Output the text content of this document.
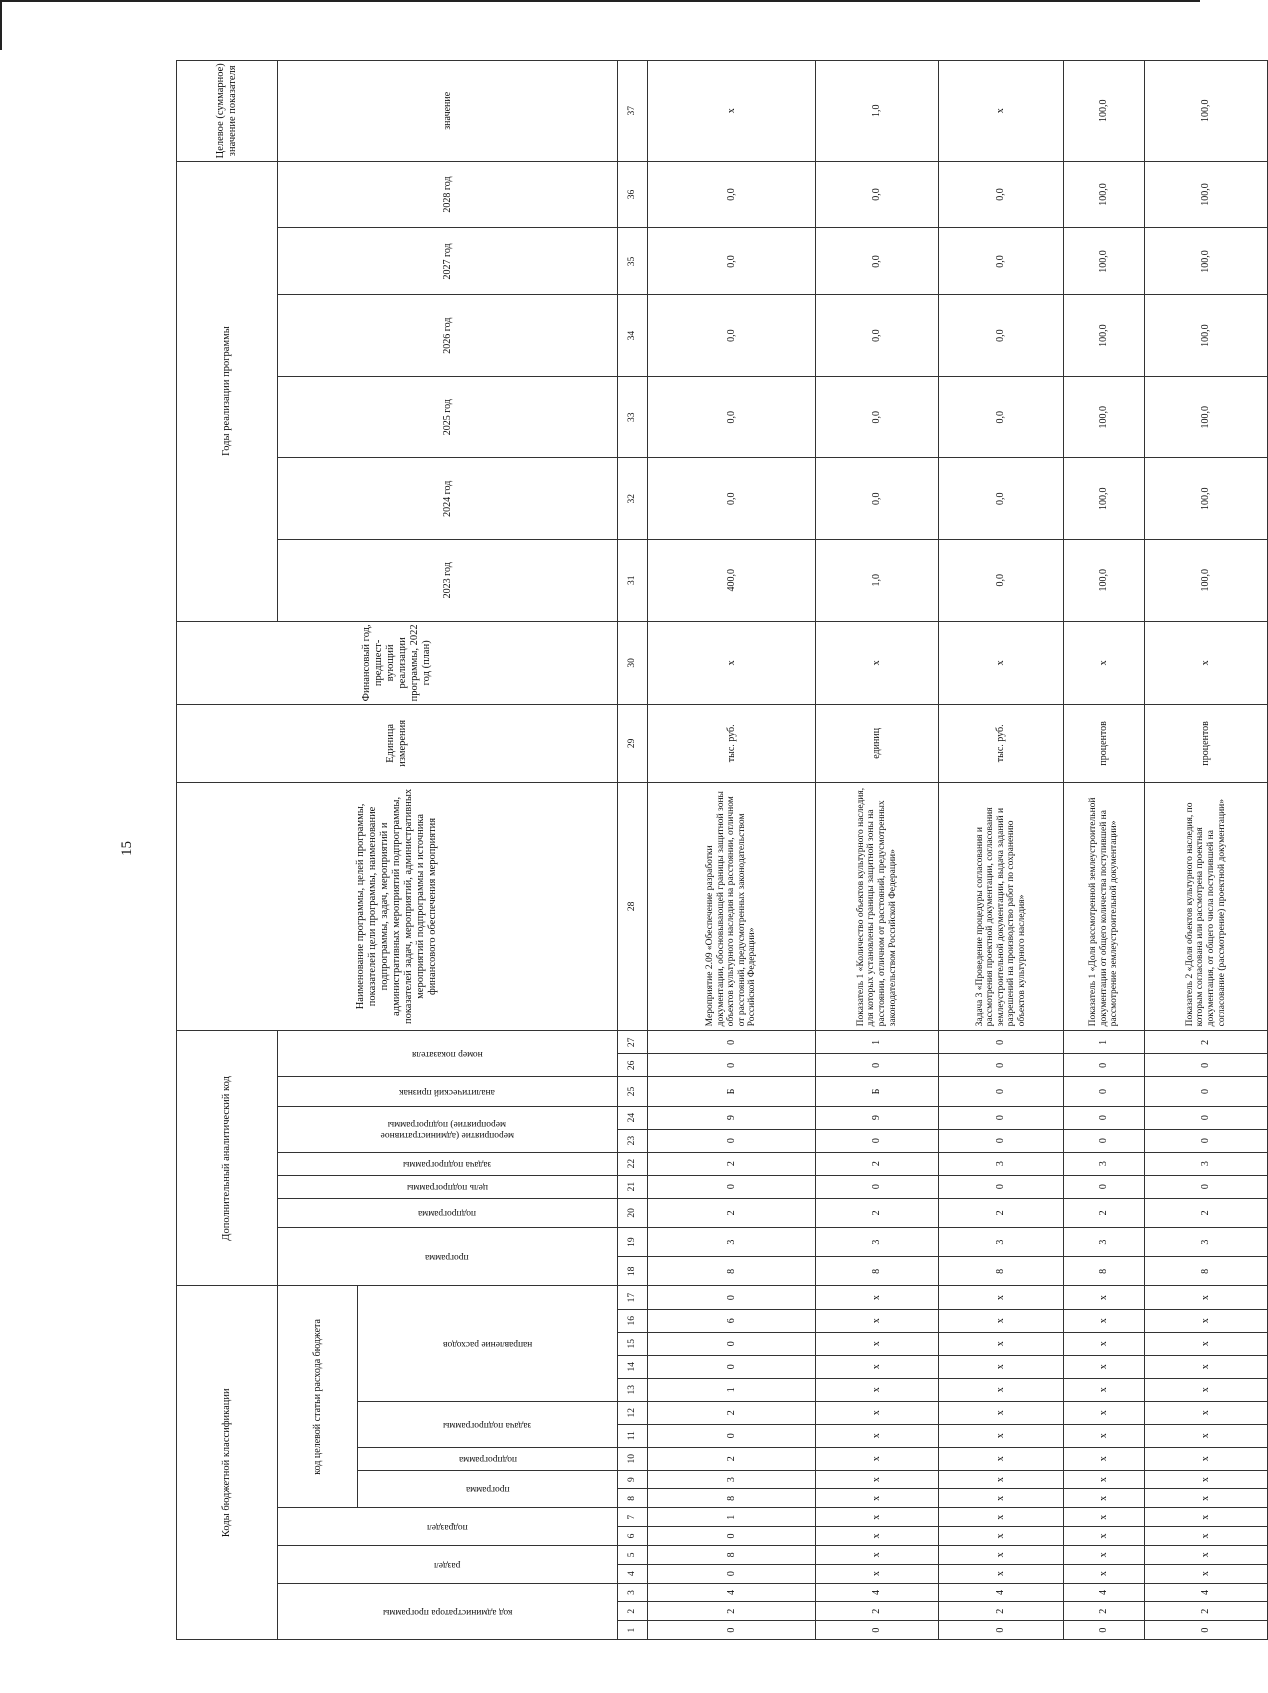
15
Коды бюджетной классификации																	Дополнительный аналитический код										Наименование программы, целей программы, показателей цели программы, наименование подпрограммы, задач, мероприятий и административных мероприятий подпрограммы, показателей задач, мероприятий, административных мероприятий подпрограммы и источника финансового обеспечения мероприятия	Единица измерения	Финансовый год, предшест-вующий реализации программы, 2022 год (план)	Годы реализации программы						Целевое (суммарное) значение показателя

код администратора программы			раздел		подраздел		код целевой статьи расхода бюджета										программа		подпрограмма	цель подпрограммы	задача подпрограммы	мероприятие (административное мероприятие) подпрограммы		аналитический признак	номер показателя					2023 год	2024 год	2025 год	2026 год	2027 год	2028 год	значение

							программа		подпрограмма	задача подпрограммы		направление расходов																								

1	2	3	4	5	6	7	8	9	10	11	12	13	14	15	16	17	18	19	20	21	22	23	24	25	26	27	28	29	30	31	32	33	34	35	36	37
0	2	4	0	8	0	1	8	3	2	0	2	1	0	0	6	0	8	3	2	0	2	0	9	Б	0	0	Мероприятие 2.09 «Обеспечение разработки документации, обосновывающей границы защитной зоны объектов культурного наследия на расстоянии, отличном от расстояний, предусмотренных законодательством Российской Федерации»	тыс. руб.	х	400,0	0,0	0,0	0,0	0,0	0,0	х
0	2	4	х	х	х	х	х	х	х	х	х	х	х	х	х	х	8	3	2	0	2	0	9	Б	0	1	Показатель 1 «Количество объектов культурного наследия, для которых установлены границы защитной зоны на расстоянии, отличном от расстояний, предусмотренных законодательством Российской Федерации»	единиц	х	1,0	0,0	0,0	0,0	0,0	0,0	1,0
0	2	4	х	х	х	х	х	х	х	х	х	х	х	х	х	х	8	3	2	0	3	0	0	0	0	0	Задача 3 «Проведение процедуры согласования и рассмотрения проектной документации, согласования землеустроительной документации, выдача заданий и разрешений на производство работ по сохранению объектов культурного наследия»	тыс. руб.	х	0,0	0,0	0,0	0,0	0,0	0,0	х
0	2	4	х	х	х	х	х	х	х	х	х	х	х	х	х	х	8	3	2	0	3	0	0	0	0	1	Показатель 1 «Доля рассмотренной землеустроительной документации от общего количества поступившей на рассмотрение землеустроительной документации»	процентов	х	100,0	100,0	100,0	100,0	100,0	100,0	100,0
0	2	4	х	х	х	х	х	х	х	х	х	х	х	х	х	х	8	3	2	0	3	0	0	0	0	2	Показатель 2 «Доля объектов культурного наследия, по которым согласована или рассмотрена проектная документация, от общего числа поступившей на согласование (рассмотрение) проектной документации»	процентов	х	100,0	100,0	100,0	100,0	100,0	100,0	100,0
